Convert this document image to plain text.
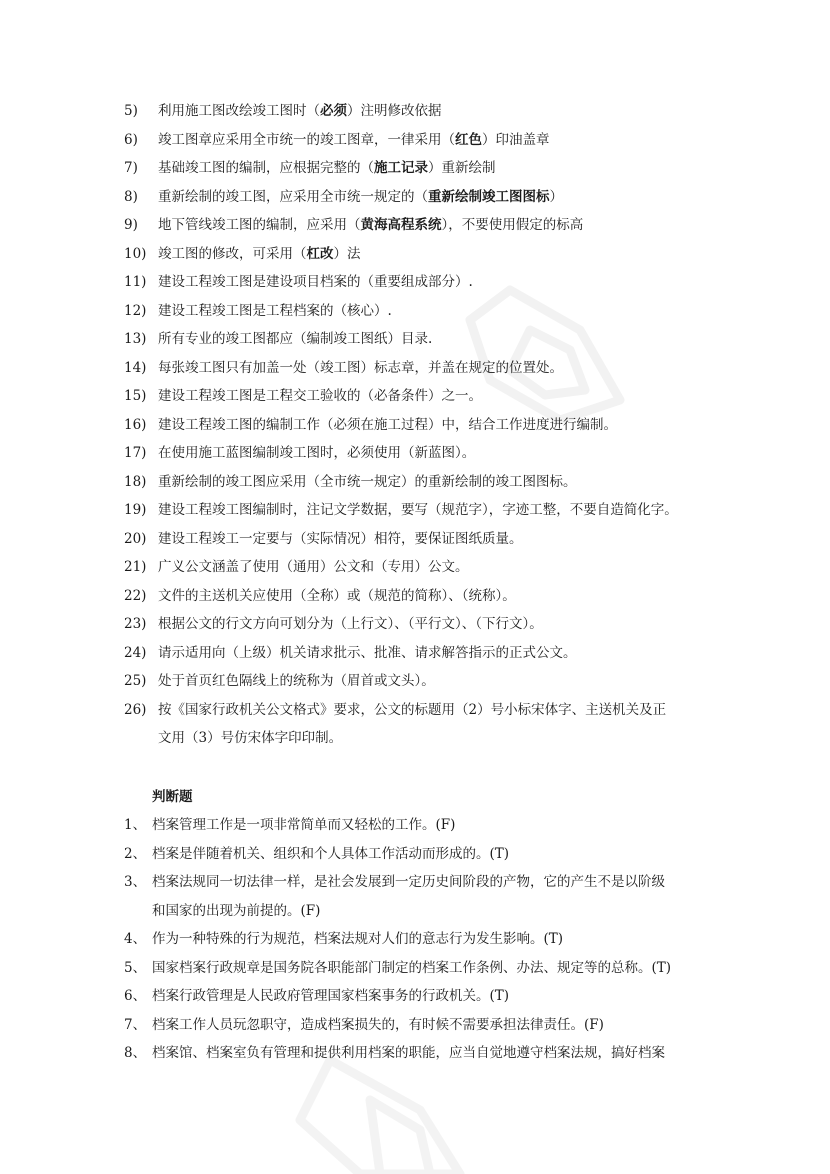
5)	利用施工图改绘竣工图时（必须）注明修改依据
6)	竣工图章应采用全市统一的竣工图章，一律采用（红色）印油盖章
7)	基础竣工图的编制，应根据完整的（施工记录）重新绘制
8)	重新绘制的竣工图，应采用全市统一规定的（重新绘制竣工图图标）
9)	地下管线竣工图的编制，应采用（黄海高程系统），不要使用假定的标高
10) 竣工图的修改，可采用（杠改）法
11) 建设工程竣工图是建设项目档案的（重要组成部分）.
12) 建设工程竣工图是工程档案的（核心）.
13) 所有专业的竣工图都应（编制竣工图纸）目录.
14) 每张竣工图只有加盖一处（竣工图）标志章，并盖在规定的位置处。
15) 建设工程竣工图是工程交工验收的（必备条件）之一。
16) 建设工程竣工图的编制工作（必须在施工过程）中，结合工作进度进行编制。
17) 在使用施工蓝图编制竣工图时，必须使用（新蓝图）。
18) 重新绘制的竣工图应采用（全市统一规定）的重新绘制的竣工图图标。
19) 建设工程竣工图编制时，注记文学数据，要写（规范字），字迹工整，不要自造简化字。
20) 建设工程竣工一定要与（实际情况）相符，要保证图纸质量。
21) 广义公文涵盖了使用（通用）公文和（专用）公文。
22) 文件的主送机关应使用（全称）或（规范的简称）、（统称）。
23) 根据公文的行文方向可划分为（上行文）、（平行文）、（下行文）。
24) 请示适用向（上级）机关请求批示、批准、请求解答指示的正式公文。
25) 处于首页红色隔线上的统称为（眉首或文头）。
26) 按《国家行政机关公文格式》要求，公文的标题用（2）号小标宋体字、主送机关及正
文用（3）号仿宋体字印印制。
判断题
1、 档案管理工作是一项非常简单而又轻松的工作。(F)
2、 档案是伴随着机关、组织和个人具体工作活动而形成的。(T)
3、 档案法规同一切法律一样，是社会发展到一定历史间阶段的产物，它的产生不是以阶级
和国家的出现为前提的。(F)
4、 作为一种特殊的行为规范，档案法规对人们的意志行为发生影响。(T)
5、 国家档案行政规章是国务院各职能部门制定的档案工作条例、办法、规定等的总称。(T)
6、 档案行政管理是人民政府管理国家档案事务的行政机关。(T)
7、 档案工作人员玩忽职守，造成档案损失的，有时候不需要承担法律责任。(F)
8、 档案馆、档案室负有管理和提供利用档案的职能，应当自觉地遵守档案法规，搞好档案
